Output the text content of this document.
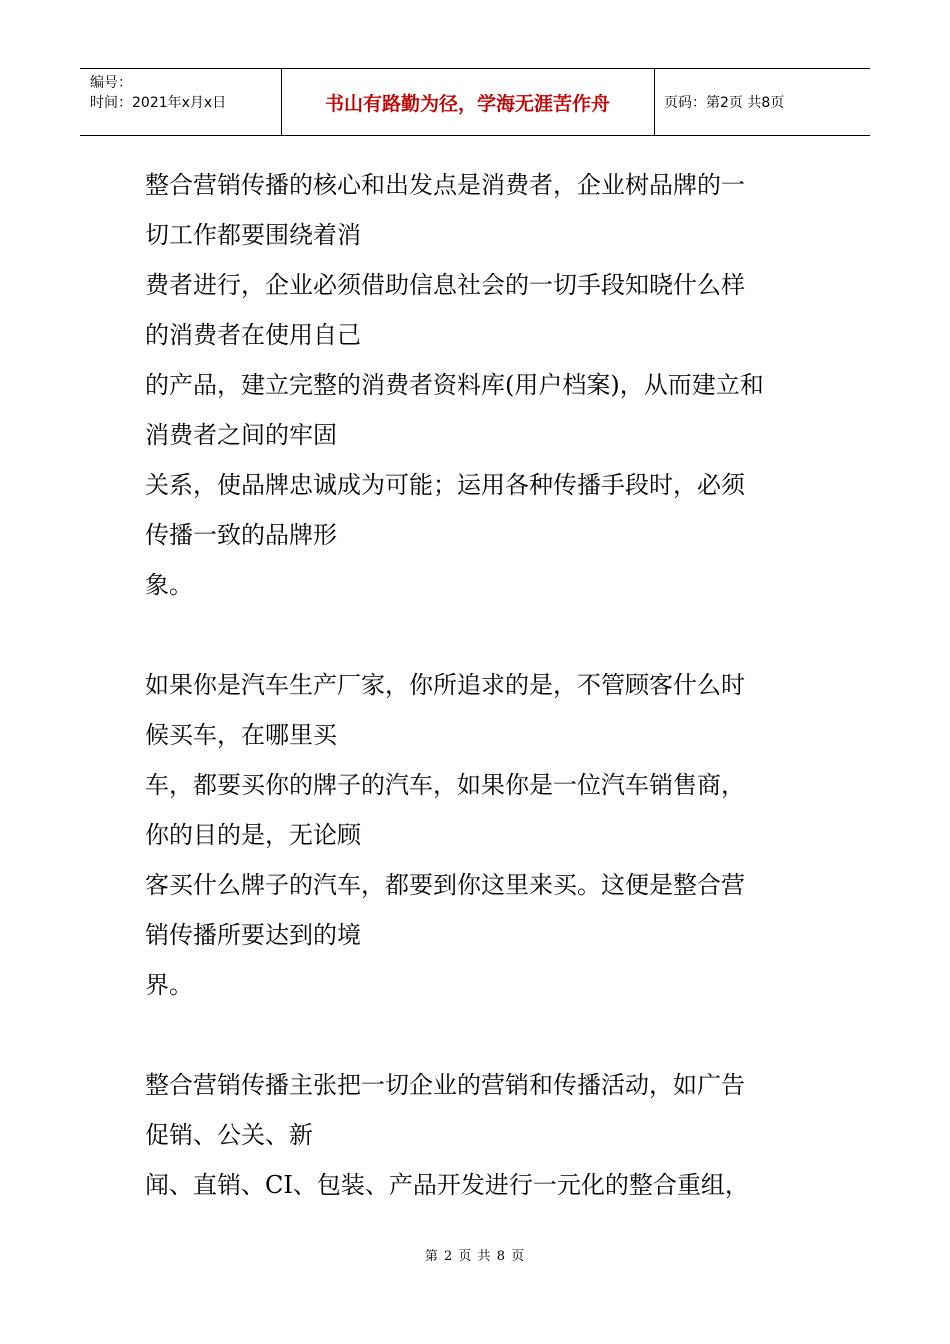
编号：
时间：2021年x月x日	书山有路勤为径，学海无涯苦作舟	页码：第2页 共8页
整合营销传播的核心和出发点是消费者，企业树品牌的一
切工作都要围绕着消
费者进行，企业必须借助信息社会的一切手段知晓什么样
的消费者在使用自己
的产品，建立完整的消费者资料库(用户档案)，从而建立和
消费者之间的牢固
关系，使品牌忠诚成为可能；运用各种传播手段时，必须
传播一致的品牌形
象。
如果你是汽车生产厂家，你所追求的是，不管顾客什么时
候买车，在哪里买
车，都要买你的牌子的汽车，如果你是一位汽车销售商，
你的目的是，无论顾
客买什么牌子的汽车，都要到你这里来买。这便是整合营
销传播所要达到的境
界。
整合营销传播主张把一切企业的营销和传播活动，如广告
促销、公关、新
闻、直销、CI、包装、产品开发进行一元化的整合重组，
第 2 页 共 8 页
